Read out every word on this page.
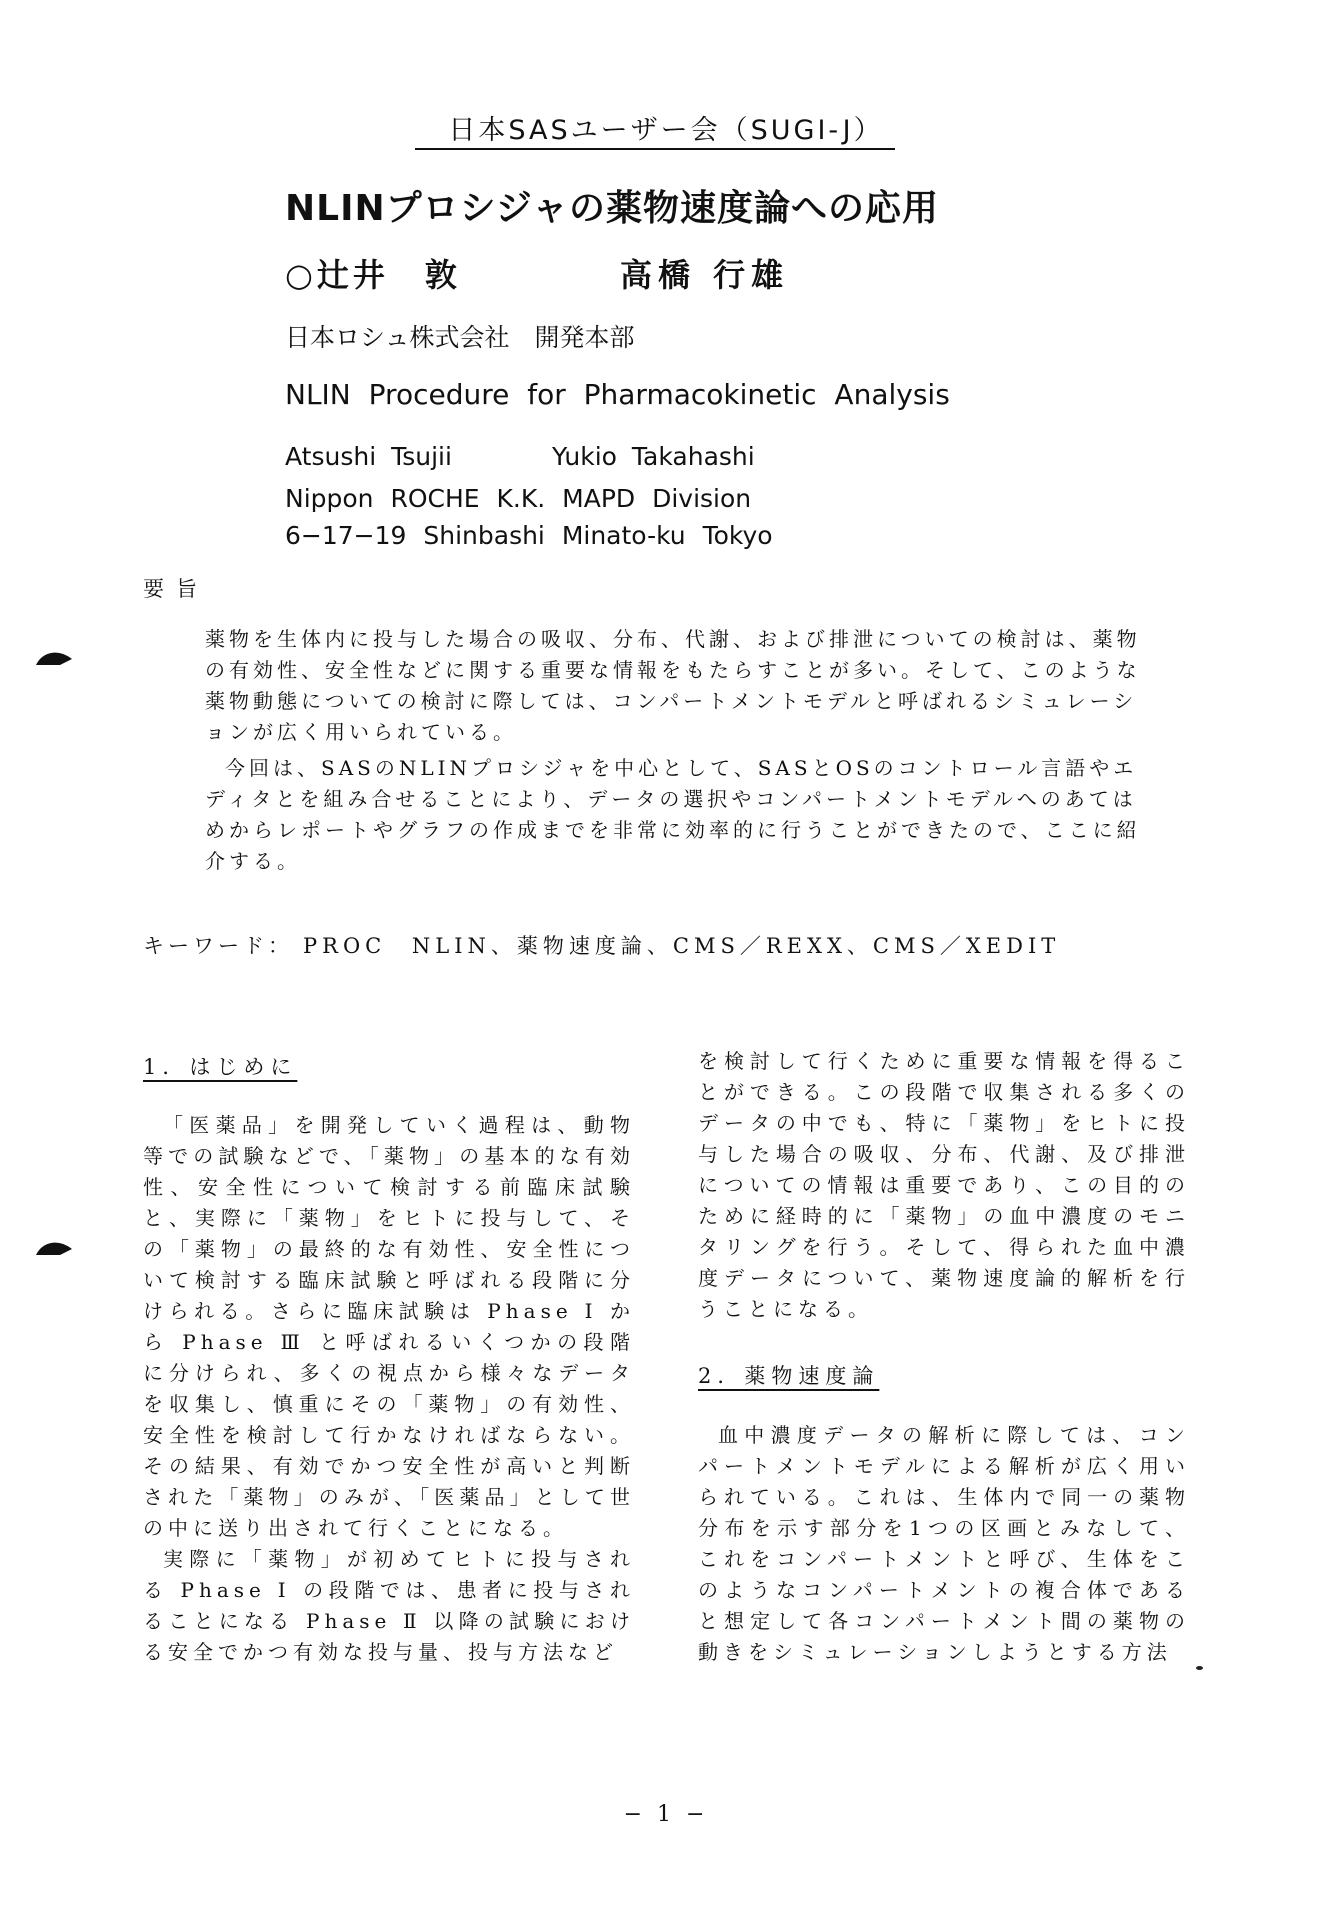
日本SASユーザー会（SUGI-J）
NLINプロシジャの薬物速度論への応用
○辻井　敦	高橋 行雄
日本ロシュ株式会社　開発本部
NLIN Procedure for Pharmacokinetic Analysis
Atsushi Tsujii	Yukio Takahashi
Nippon ROCHE K.K. MAPD Division
6−17−19 Shinbashi Minato-ku Tokyo
要旨

薬物を生体内に投与した場合の吸収、分布、代謝、および排泄についての検討は、薬物の有効性、安全性などに関する重要な情報をもたらすことが多い。そして、このような薬物動態についての検討に際しては、コンパートメントモデルと呼ばれるシミュレーションが広く用いられている。

今回は、SASのNLINプロシジャを中心として、SASとOSのコントロール言語やエディタとを組み合せることにより、データの選択やコンパートメントモデルへのあてはめからレポートやグラフの作成までを非常に効率的に行うことができたので、ここに紹介する。

キーワード： PROC NLIN、薬物速度論、CMS／REXX、CMS／XEDIT
1．はじめに

「医薬品」を開発していく過程は、動物等での試験などで、「薬物」の基本的な有効性、安全性について検討する前臨床試験と、実際に「薬物」をヒトに投与して、その「薬物」の最終的な有効性、安全性について検討する臨床試験と呼ばれる段階に分けられる。さらに臨床試験は Phase Ⅰ から Phase Ⅲ と呼ばれるいくつかの段階に分けられ、多くの視点から様々なデータを収集し、慎重にその「薬物」の有効性、安全性を検討して行かなければならない。その結果、有効でかつ安全性が高いと判断された「薬物」のみが、「医薬品」として世の中に送り出されて行くことになる。

実際に「薬物」が初めてヒトに投与される Phase Ⅰ の段階では、患者に投与されることになる Phase Ⅱ 以降の試験における安全でかつ有効な投与量、投与方法など

を検討して行くために重要な情報を得ることができる。この段階で収集される多くのデータの中でも、特に「薬物」をヒトに投与した場合の吸収、分布、代謝、及び排泄についての情報は重要であり、この目的のために経時的に「薬物」の血中濃度のモニタリングを行う。そして、得られた血中濃度データについて、薬物速度論的解析を行うことになる。

2．薬物速度論

血中濃度データの解析に際しては、コンパートメントモデルによる解析が広く用いられている。これは、生体内で同一の薬物分布を示す部分を1つの区画とみなして、これをコンパートメントと呼び、生体をこのようなコンパートメントの複合体であると想定して各コンパートメント間の薬物の動きをシミュレーションしようとする方法

− 1 −
